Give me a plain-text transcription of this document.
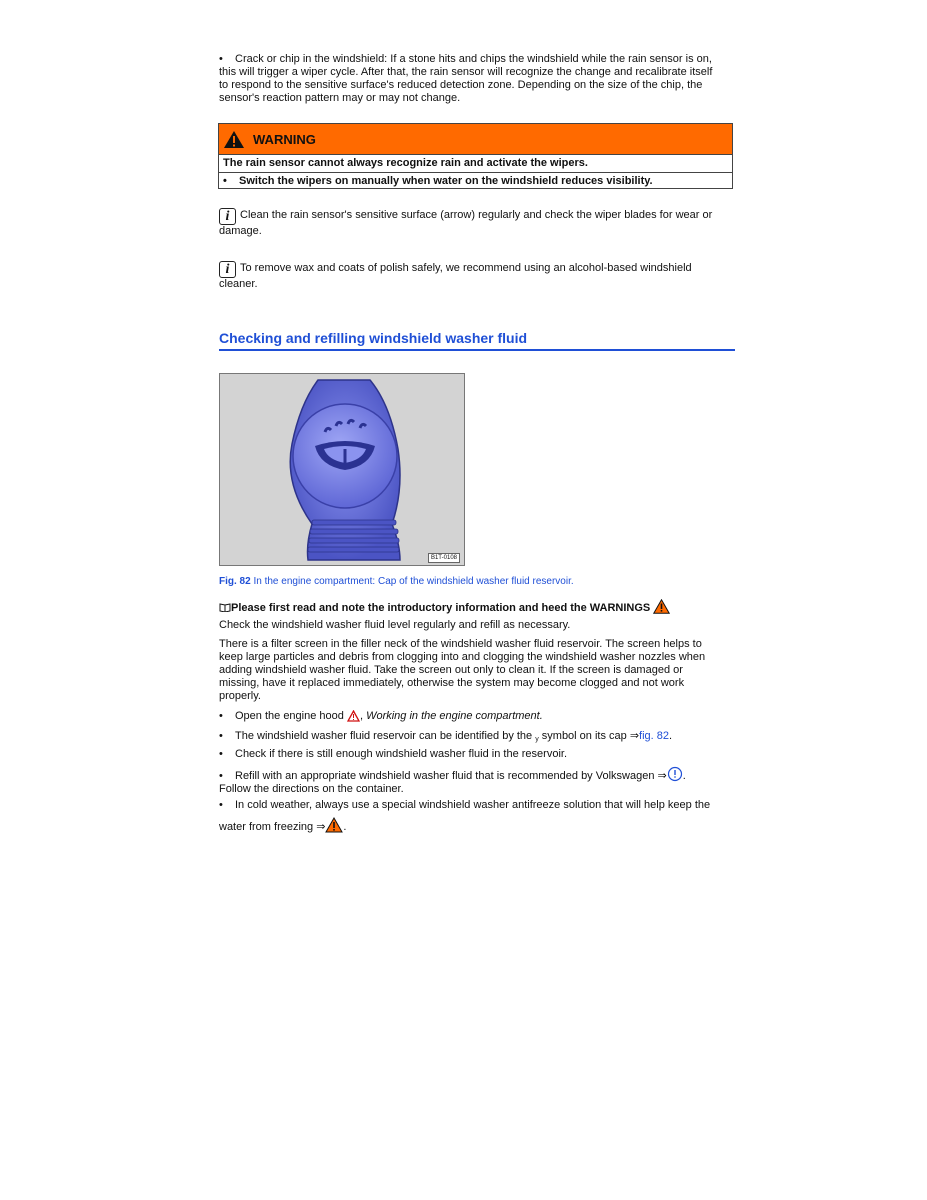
• Crack or chip in the windshield: If a stone hits and chips the windshield while the rain sensor is on,
this will trigger a wiper cycle. After that, the rain sensor will recognize the change and recalibrate itself
to respond to the sensitive surface's reduced detection zone. Depending on the size of the chip, the
sensor's reaction pattern may or may not change.
WARNING
The rain sensor cannot always recognize rain and activate the wipers.
• Switch the wipers on manually when water on the windshield reduces visibility.
i Clean the rain sensor's sensitive surface (arrow) regularly and check the wiper blades for wear or
damage.
i To remove wax and coats of polish safely, we recommend using an alcohol-based windshield
cleaner.
Checking and refilling windshield washer fluid
B1T-0108
Fig. 82 In the engine compartment: Cap of the windshield washer fluid reservoir.
Please first read and note the introductory information and heed the WARNINGS
Check the windshield washer fluid level regularly and refill as necessary.
There is a filter screen in the filler neck of the windshield washer fluid reservoir. The screen helps to
keep large particles and debris from clogging into and clogging the windshield washer nozzles when
adding windshield washer fluid. Take the screen out only to clean it. If the screen is damaged or
missing, have it replaced immediately, otherwise the system may become clogged and not work
properly.
• Open the engine hood , Working in the engine compartment.
• The windshield washer fluid reservoir can be identified by the y symbol on its cap ⇒fig. 82.
• Check if there is still enough windshield washer fluid in the reservoir.
• Refill with an appropriate windshield washer fluid that is recommended by Volkswagen ⇒ .
Follow the directions on the container.
• In cold weather, always use a special windshield washer antifreeze solution that will help keep the
water from freezing ⇒ .
